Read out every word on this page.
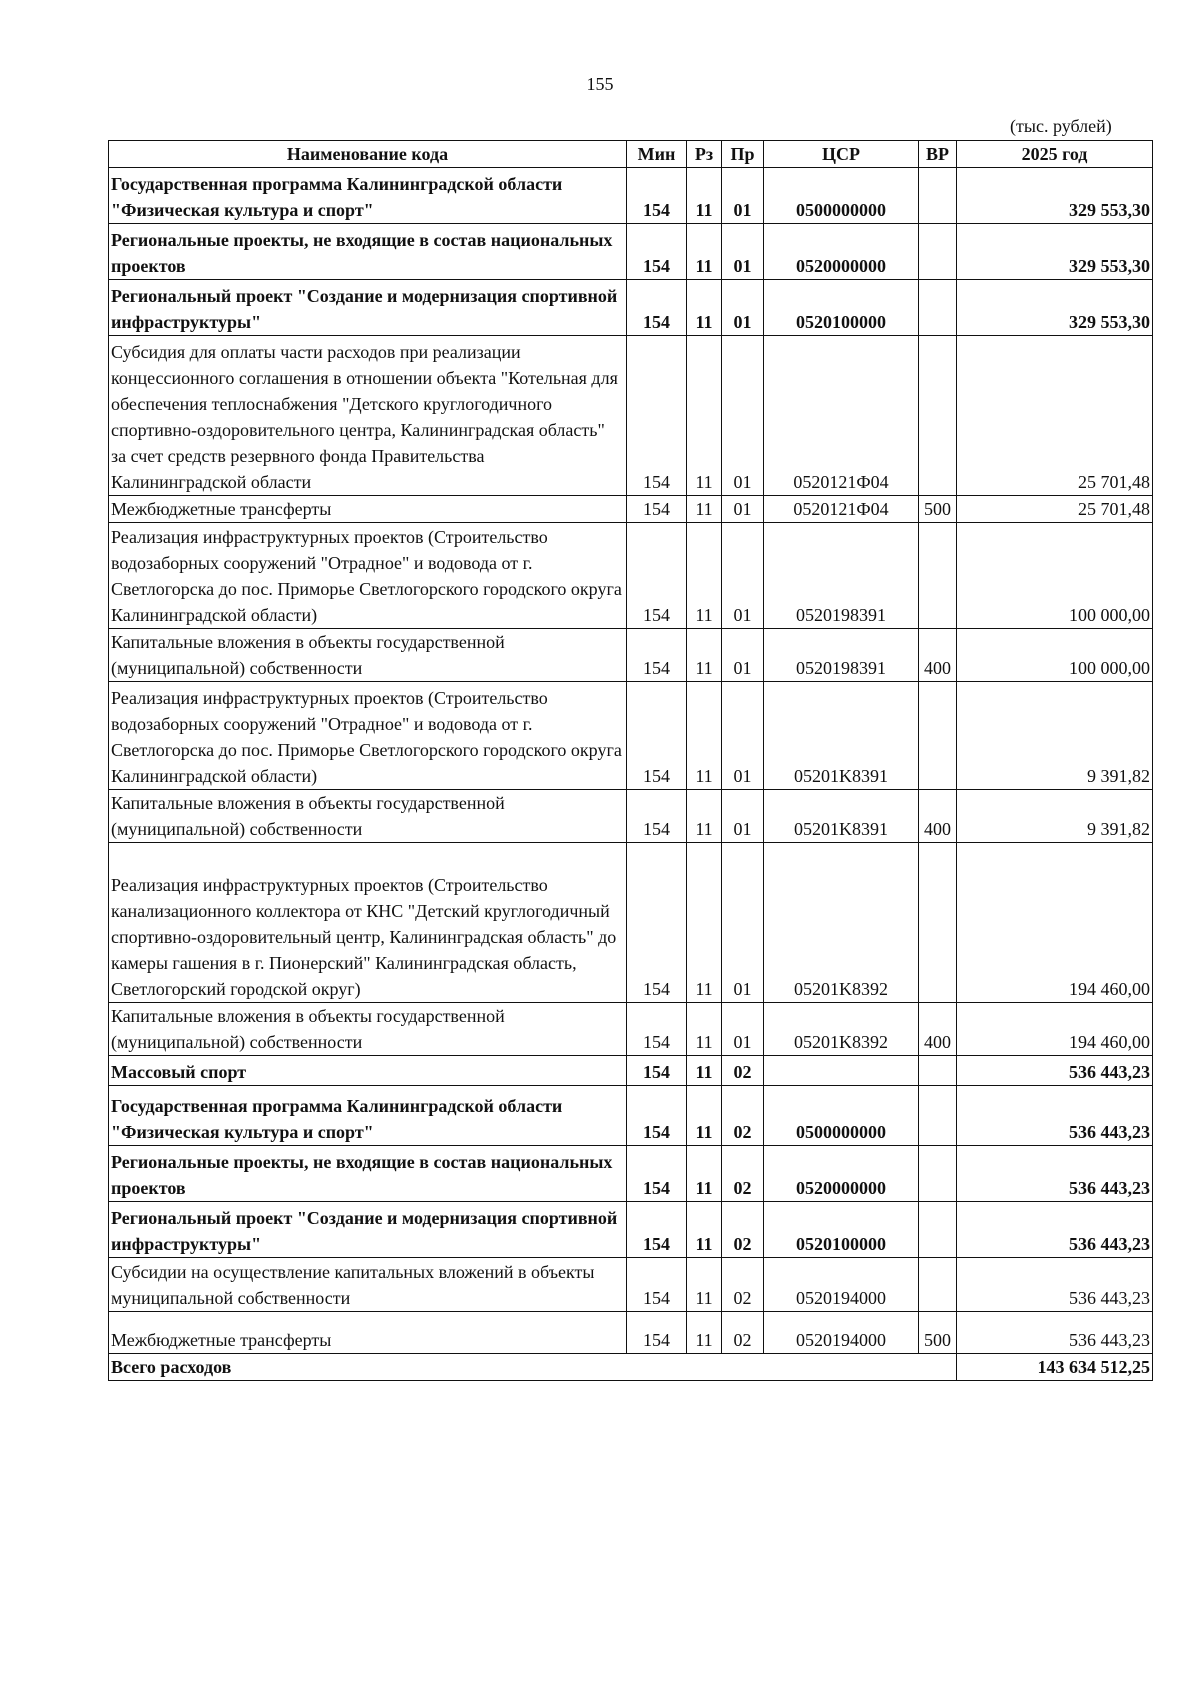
155
(тыс. рублей)
Наименование кода	Мин	Рз	Пр	ЦСР	ВР	2025 год
Государственная программа Калининградской области "Физическая культура и спорт"	154	11	01	0500000000		329 553,30
Региональные проекты, не входящие в состав национальных проектов	154	11	01	0520000000		329 553,30
Региональный проект "Создание и модернизация спортивной инфраструктуры"	154	11	01	0520100000		329 553,30
Субсидия для оплаты части расходов при реализации концессионного соглашения в отношении объекта "Котельная для обеспечения теплоснабжения "Детского круглогодичного спортивно-оздоровительного центра, Калининградская область" за счет средств резервного фонда Правительства Калининградской области	154	11	01	0520121Ф04		25 701,48
Межбюджетные трансферты	154	11	01	0520121Ф04	500	25 701,48
Реализация инфраструктурных проектов (Строительство водозаборных сооружений "Отрадное" и водовода от г. Светлогорска до пос. Приморье Светлогорского городского округа Калининградской области)	154	11	01	0520198391		100 000,00
Капитальные вложения в объекты государственной (муниципальной) собственности	154	11	01	0520198391	400	100 000,00
Реализация инфраструктурных проектов (Строительство водозаборных сооружений "Отрадное" и водовода от г. Светлогорска до пос. Приморье Светлогорского городского округа Калининградской области)	154	11	01	05201K8391		9 391,82
Капитальные вложения в объекты государственной (муниципальной) собственности	154	11	01	05201K8391	400	9 391,82
Реализация инфраструктурных проектов (Строительство канализационного коллектора от КНС "Детский круглогодичный спортивно-оздоровительный центр, Калининградская область" до камеры гашения в г. Пионерский" Калининградская область, Светлогорский городской округ)	154	11	01	05201K8392		194 460,00
Капитальные вложения в объекты государственной (муниципальной) собственности	154	11	01	05201K8392	400	194 460,00
Массовый спорт	154	11	02			536 443,23
Государственная программа Калининградской области "Физическая культура и спорт"	154	11	02	0500000000		536 443,23
Региональные проекты, не входящие в состав национальных проектов	154	11	02	0520000000		536 443,23
Региональный проект "Создание и модернизация спортивной инфраструктуры"	154	11	02	0520100000		536 443,23
Субсидии на осуществление капитальных вложений в объекты муниципальной собственности	154	11	02	0520194000		536 443,23
Межбюджетные трансферты	154	11	02	0520194000	500	536 443,23
Всего расходов						143 634 512,25
